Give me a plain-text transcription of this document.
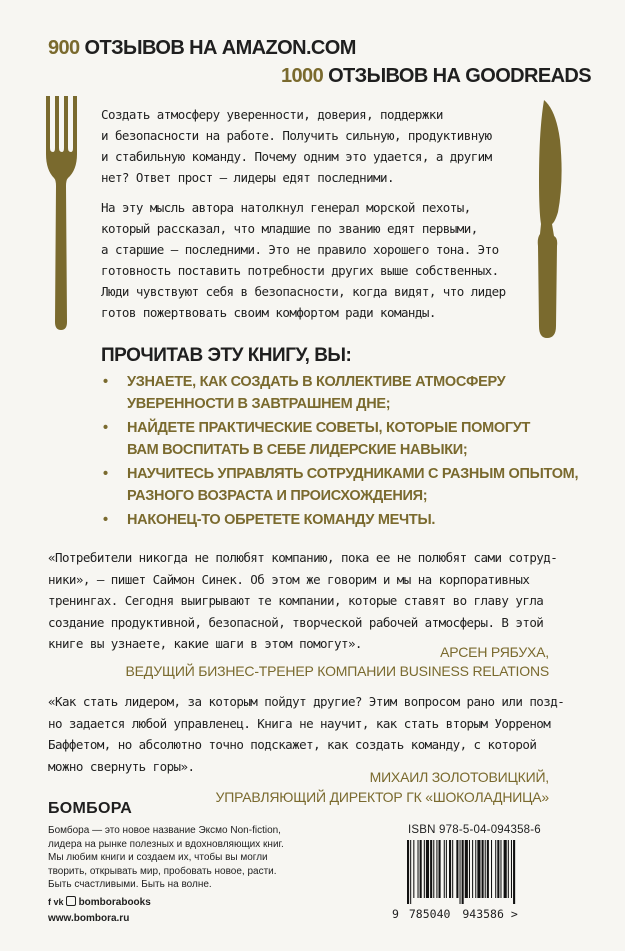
900 ОТЗЫВОВ НА AMAZON.COM
1000 ОТЗЫВОВ НА GOODREADS

Создать атмосферу уверенности, доверия, поддержки

и безопасности на работе. Получить сильную, продуктивную

и стабильную команду. Почему одним это удается, а другим

нет? Ответ прост – лидеры едят последними.

На эту мысль автора натолкнул генерал морской пехоты,

который рассказал, что младшие по званию едят первыми,

а старшие – последними. Это не правило хорошего тона. Это

готовность поставить потребности других выше собственных.

Люди чувствуют себя в безопасности, когда видят, что лидер

готов пожертвовать своим комфортом ради команды.

ПРОЧИТАВ ЭТУ КНИГУ, ВЫ:
• УЗНАЕТЕ, КАК СОЗДАТЬ В КОЛЛЕКТИВЕ АТМОСФЕРУ
УВЕРЕННОСТИ В ЗАВТРАШНЕМ ДНЕ;
• НАЙДЕТЕ ПРАКТИЧЕСКИЕ СОВЕТЫ, КОТОРЫЕ ПОМОГУТ
ВАМ ВОСПИТАТЬ В СЕБЕ ЛИДЕРСКИЕ НАВЫКИ;
• НАУЧИТЕСЬ УПРАВЛЯТЬ СОТРУДНИКАМИ С РАЗНЫМ ОПЫТОМ,
РАЗНОГО ВОЗРАСТА И ПРОИСХОЖДЕНИЯ;
• НАКОНЕЦ-ТО ОБРЕТЕТЕ КОМАНДУ МЕЧТЫ.
«Потребители никогда не полюбят компанию, пока ее не полюбят сами сотруд-
ники», – пишет Саймон Синек. Об этом же говорим и мы на корпоративных
тренингах. Сегодня выигрывают те компании, которые ставят во главу угла
создание продуктивной, безопасной, творческой рабочей атмосферы. В этой
книге вы узнаете, какие шаги в этом помогут».
АРСЕН РЯБУХА,
ВЕДУЩИЙ БИЗНЕС-ТРЕНЕР КОМПАНИИ BUSINESS RELATIONS
«Как стать лидером, за которым пойдут другие? Этим вопросом рано или позд-
но задается любой управленец. Книга не научит, как стать вторым Уорреном
Баффетом, но абсолютно точно подскажет, как создать команду, с которой
можно свернуть горы».
МИХАИЛ ЗОЛОТОВИЦКИЙ,
УПРАВЛЯЮЩИЙ ДИРЕКТОР ГК «ШОКОЛАДНИЦА»
БОМБОРА
Бомбора — это новое название Эксмо Non-fiction,
лидера на рынке полезных и вдохновляющих книг.
Мы любим книги и создаем их, чтобы вы могли
творить, открывать мир, пробовать новое, расти.
Быть счастливыми. Быть на волне.
f vk bomborabooks
www.bombora.ru
ISBN 978-5-04-094358-6
9 785040 943586 >
